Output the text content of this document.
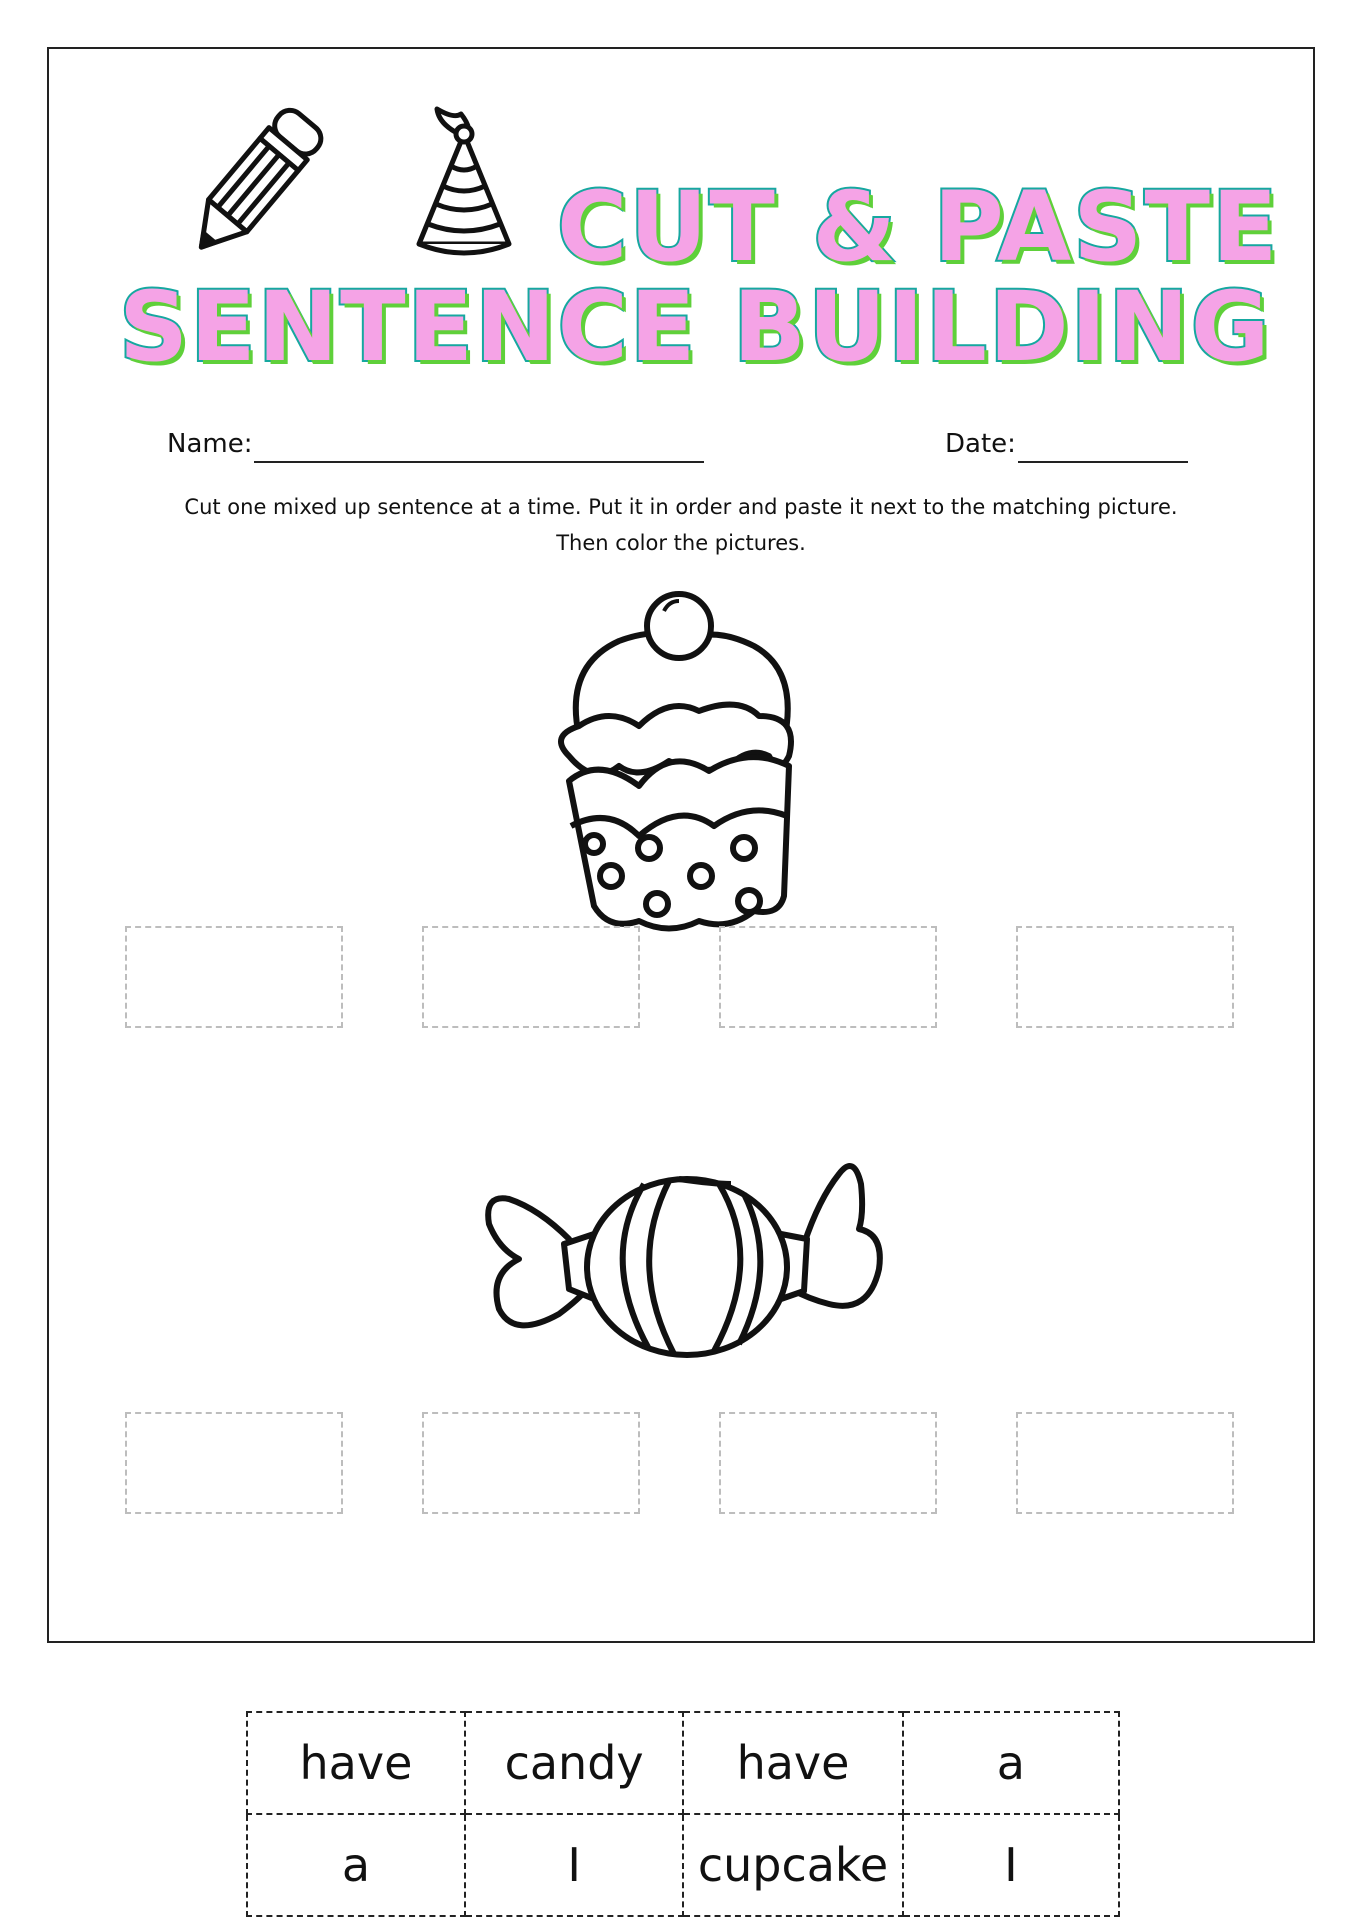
CUT & PASTE
SENTENCE BUILDING
Name:	Date:
Cut one mixed up sentence at a time. Put it in order and paste it next to the matching picture.
Then color the pictures.
have	candy	have	a
a	I	cupcake	I
